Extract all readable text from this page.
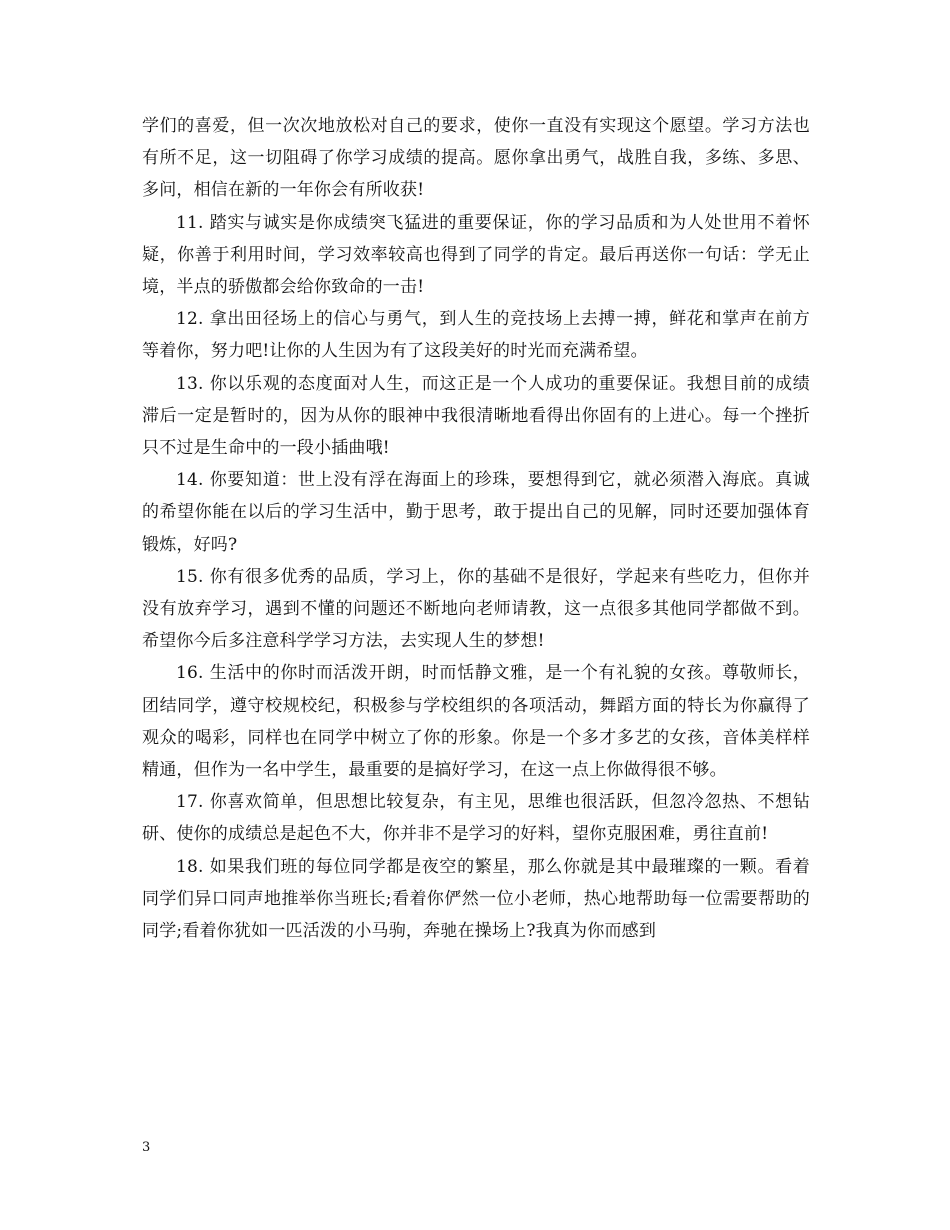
学们的喜爱，但一次次地放松对自己的要求，使你一直没有实现这个愿望。学习方法也有所不足，这一切阻碍了你学习成绩的提高。愿你拿出勇气，战胜自我，多练、多思、多问，相信在新的一年你会有所收获!

11. 踏实与诚实是你成绩突飞猛进的重要保证，你的学习品质和为人处世用不着怀疑，你善于利用时间，学习效率较高也得到了同学的肯定。最后再送你一句话：学无止境，半点的骄傲都会给你致命的一击!

12. 拿出田径场上的信心与勇气，到人生的竞技场上去搏一搏，鲜花和掌声在前方等着你，努力吧!让你的人生因为有了这段美好的时光而充满希望。

13. 你以乐观的态度面对人生，而这正是一个人成功的重要保证。我想目前的成绩滞后一定是暂时的，因为从你的眼神中我很清晰地看得出你固有的上进心。每一个挫折只不过是生命中的一段小插曲哦!

14. 你要知道：世上没有浮在海面上的珍珠，要想得到它，就必须潜入海底。真诚的希望你能在以后的学习生活中，勤于思考，敢于提出自己的见解，同时还要加强体育锻炼，好吗?

15. 你有很多优秀的品质，学习上，你的基础不是很好，学起来有些吃力，但你并没有放弃学习，遇到不懂的问题还不断地向老师请教，这一点很多其他同学都做不到。希望你今后多注意科学学习方法，去实现人生的梦想!

16. 生活中的你时而活泼开朗，时而恬静文雅，是一个有礼貌的女孩。尊敬师长，团结同学，遵守校规校纪，积极参与学校组织的各项活动，舞蹈方面的特长为你赢得了观众的喝彩，同样也在同学中树立了你的形象。你是一个多才多艺的女孩，音体美样样精通，但作为一名中学生，最重要的是搞好学习，在这一点上你做得很不够。

17. 你喜欢简单，但思想比较复杂，有主见，思维也很活跃，但忽冷忽热、不想钻研、使你的成绩总是起色不大，你并非不是学习的好料，望你克服困难，勇往直前!

18. 如果我们班的每位同学都是夜空的繁星，那么你就是其中最璀璨的一颗。看着同学们异口同声地推举你当班长;看着你俨然一位小老师，热心地帮助每一位需要帮助的同学;看着你犹如一匹活泼的小马驹，奔驰在操场上?我真为你而感到

3
